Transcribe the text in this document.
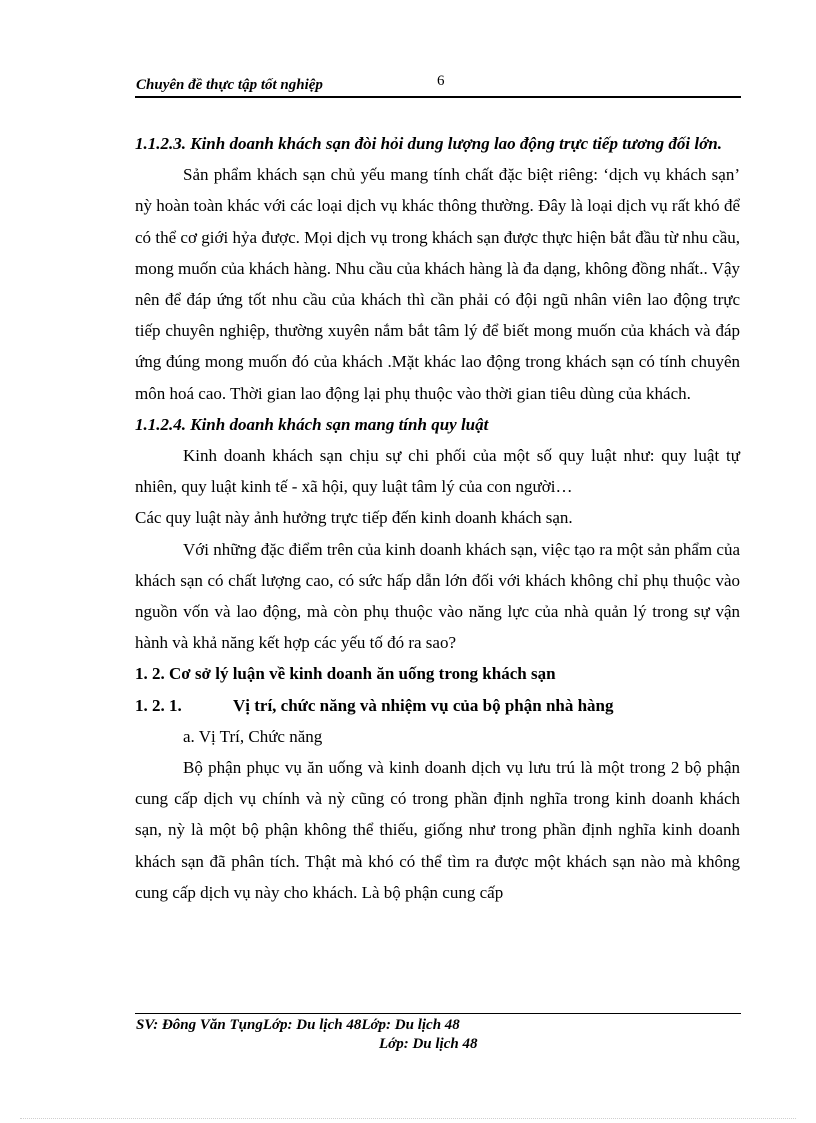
Chuyên đề thực tập tốt nghiệp	6

1.1.2.3. Kinh doanh khách sạn đòi hỏi dung lượng lao động trực tiếp tương đối lớn.

Sản phẩm khách sạn chủ yếu mang tính chất đặc biệt riêng: ‘dịch vụ khách sạn’ nỳ hoàn toàn khác với các loại dịch vụ khác thông thường. Đây là loại dịch vụ rất khó để có thể cơ giới hỷa được. Mọi dịch vụ trong khách sạn được thực hiện bắt đầu từ nhu cầu, mong muốn của khách hàng. Nhu cầu của khách hàng là đa dạng, không đồng nhất.. Vậy nên để đáp ứng tốt nhu cầu của khách thì cần phải có đội ngũ nhân viên lao động trực tiếp chuyên nghiệp, thường xuyên nắm bắt tâm lý để biết mong muốn của khách và đáp ứng đúng mong muốn đó của khách .Mặt khác lao động trong khách sạn có tính chuyên môn hoá cao. Thời gian lao động lại phụ thuộc vào thời gian tiêu dùng của khách.

1.1.2.4. Kinh doanh khách sạn mang tính quy luật

Kinh doanh khách sạn chịu sự chi phối của một số quy luật như: quy luật tự nhiên, quy luật kinh tế - xã hội, quy luật tâm lý của con người…

Các quy luật này ảnh hưởng trực tiếp đến kinh doanh khách sạn.

Với những đặc điểm trên của kinh doanh khách sạn, việc tạo ra một sản phẩm của khách sạn có chất lượng cao, có sức hấp dẫn lớn đối với khách không chỉ phụ thuộc vào nguồn vốn và lao động, mà còn phụ thuộc vào năng lực của nhà quản lý trong sự vận hành và khả năng kết hợp các yếu tố đó ra sao?

1. 2. Cơ sở lý luận về kinh doanh ăn uống trong khách sạn

1. 2. 1.	Vị trí, chức năng và nhiệm vụ của bộ phận nhà hàng

a. Vị Trí, Chức năng

Bộ phận phục vụ ăn uống và kinh doanh dịch vụ lưu trú là một trong 2 bộ phận cung cấp dịch vụ chính và nỳ cũng có trong phần định nghĩa trong kinh doanh khách sạn, nỳ là một bộ phận không thể thiếu, giống như trong phần định nghĩa kinh doanh khách sạn đã phân tích. Thật mà khó có thể tìm ra được một khách sạn nào mà không cung cấp dịch vụ này cho khách. Là bộ phận cung cấp

SV: Đông Văn TụngLớp: Du lịch 48Lớp: Du lịch 48
Lớp: Du lịch 48
